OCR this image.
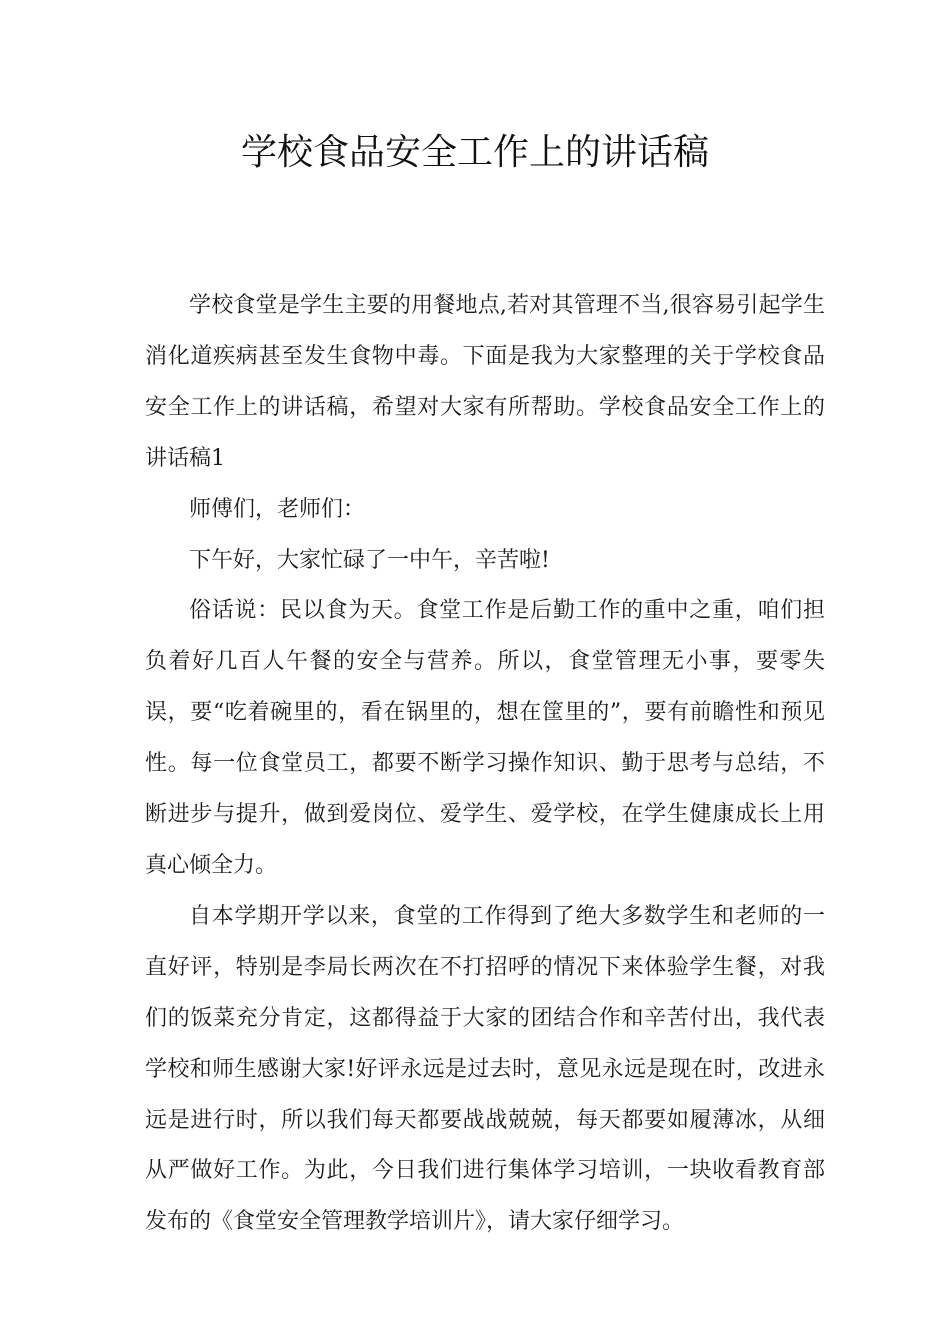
学校食品安全工作上的讲话稿

学校食堂是学生主要的用餐地点,若对其管理不当,很容易引起学生消化道疾病甚至发生食物中毒。下面是我为大家整理的关于学校食品安全工作上的讲话稿，希望对大家有所帮助。学校食品安全工作上的讲话稿1

师傅们，老师们：

下午好，大家忙碌了一中午，辛苦啦!

俗话说：民以食为天。食堂工作是后勤工作的重中之重，咱们担负着好几百人午餐的安全与营养。所以，食堂管理无小事，要零失误，要“吃着碗里的，看在锅里的，想在筐里的”，要有前瞻性和预见性。每一位食堂员工，都要不断学习操作知识、勤于思考与总结，不断进步与提升，做到爱岗位、爱学生、爱学校，在学生健康成长上用真心倾全力。

自本学期开学以来，食堂的工作得到了绝大多数学生和老师的一直好评，特别是李局长两次在不打招呼的情况下来体验学生餐，对我们的饭菜充分肯定，这都得益于大家的团结合作和辛苦付出，我代表学校和师生感谢大家!好评永远是过去时，意见永远是现在时，改进永远是进行时，所以我们每天都要战战兢兢，每天都要如履薄冰，从细从严做好工作。为此，今日我们进行集体学习培训，一块收看教育部发布的《食堂安全管理教学培训片》，请大家仔细学习。
